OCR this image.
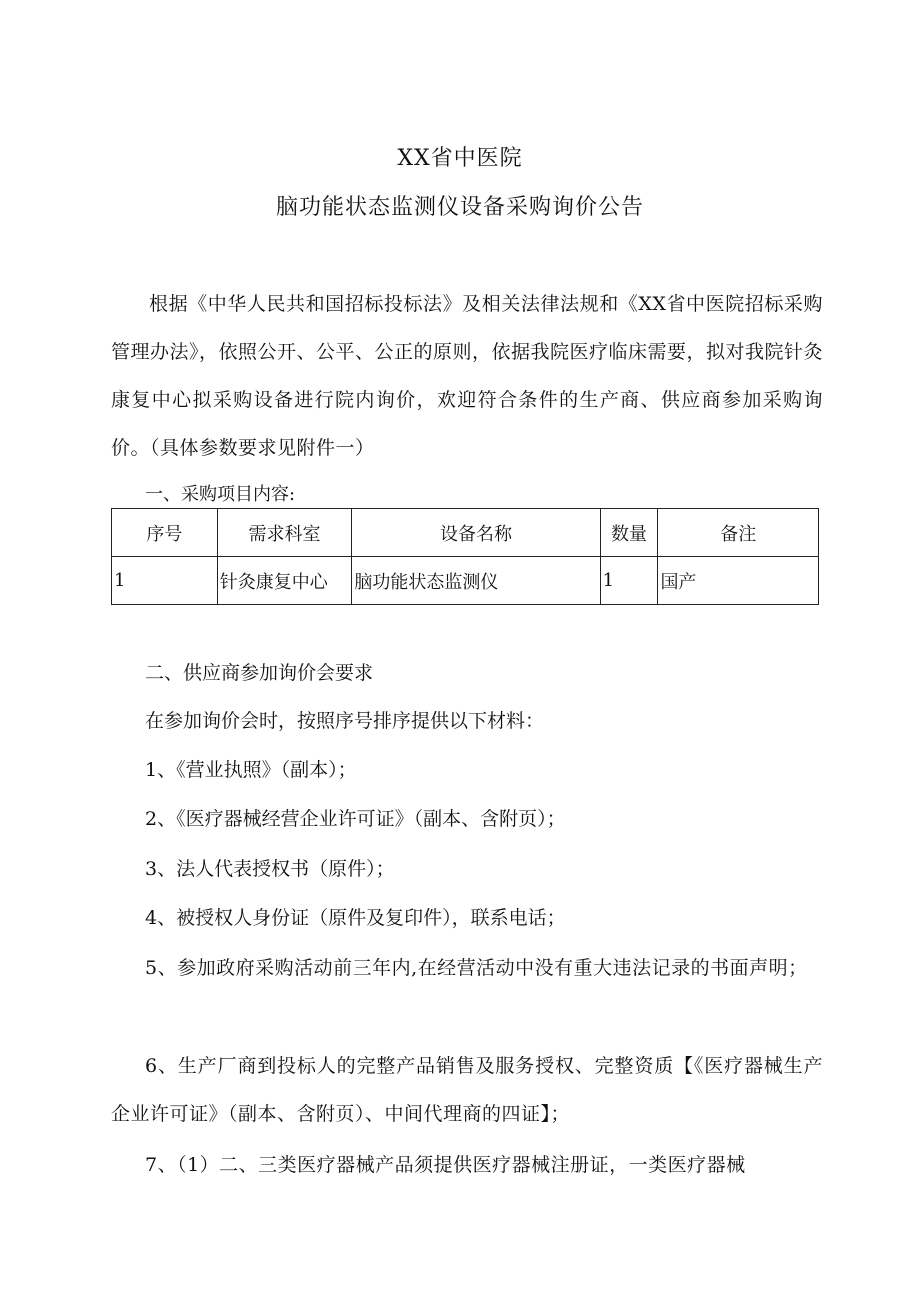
XX省中医院
脑功能状态监测仪设备采购询价公告
根据《中华人民共和国招标投标法》及相关法律法规和《XX省中医院招标采购管理办法》，依照公开、公平、公正的原则，依据我院医疗临床需要，拟对我院针灸康复中心拟采购设备进行院内询价，欢迎符合条件的生产商、供应商参加采购询价。（具体参数要求见附件一）
一、采购项目内容:
序号	需求科室	设备名称	数量	备注
1	针灸康复中心	脑功能状态监测仪	1	国产
二、供应商参加询价会要求
在参加询价会时，按照序号排序提供以下材料：
1、《营业执照》（副本）；
2、《医疗器械经营企业许可证》（副本、含附页）；
3、法人代表授权书（原件）；
4、被授权人身份证（原件及复印件），联系电话；
5、参加政府采购活动前三年内,在经营活动中没有重大违法记录的书面声明；
6、生产厂商到投标人的完整产品销售及服务授权、完整资质【《医疗器械生产企业许可证》（副本、含附页）、中间代理商的四证】；
7、（1）二、三类医疗器械产品须提供医疗器械注册证，一类医疗器械
